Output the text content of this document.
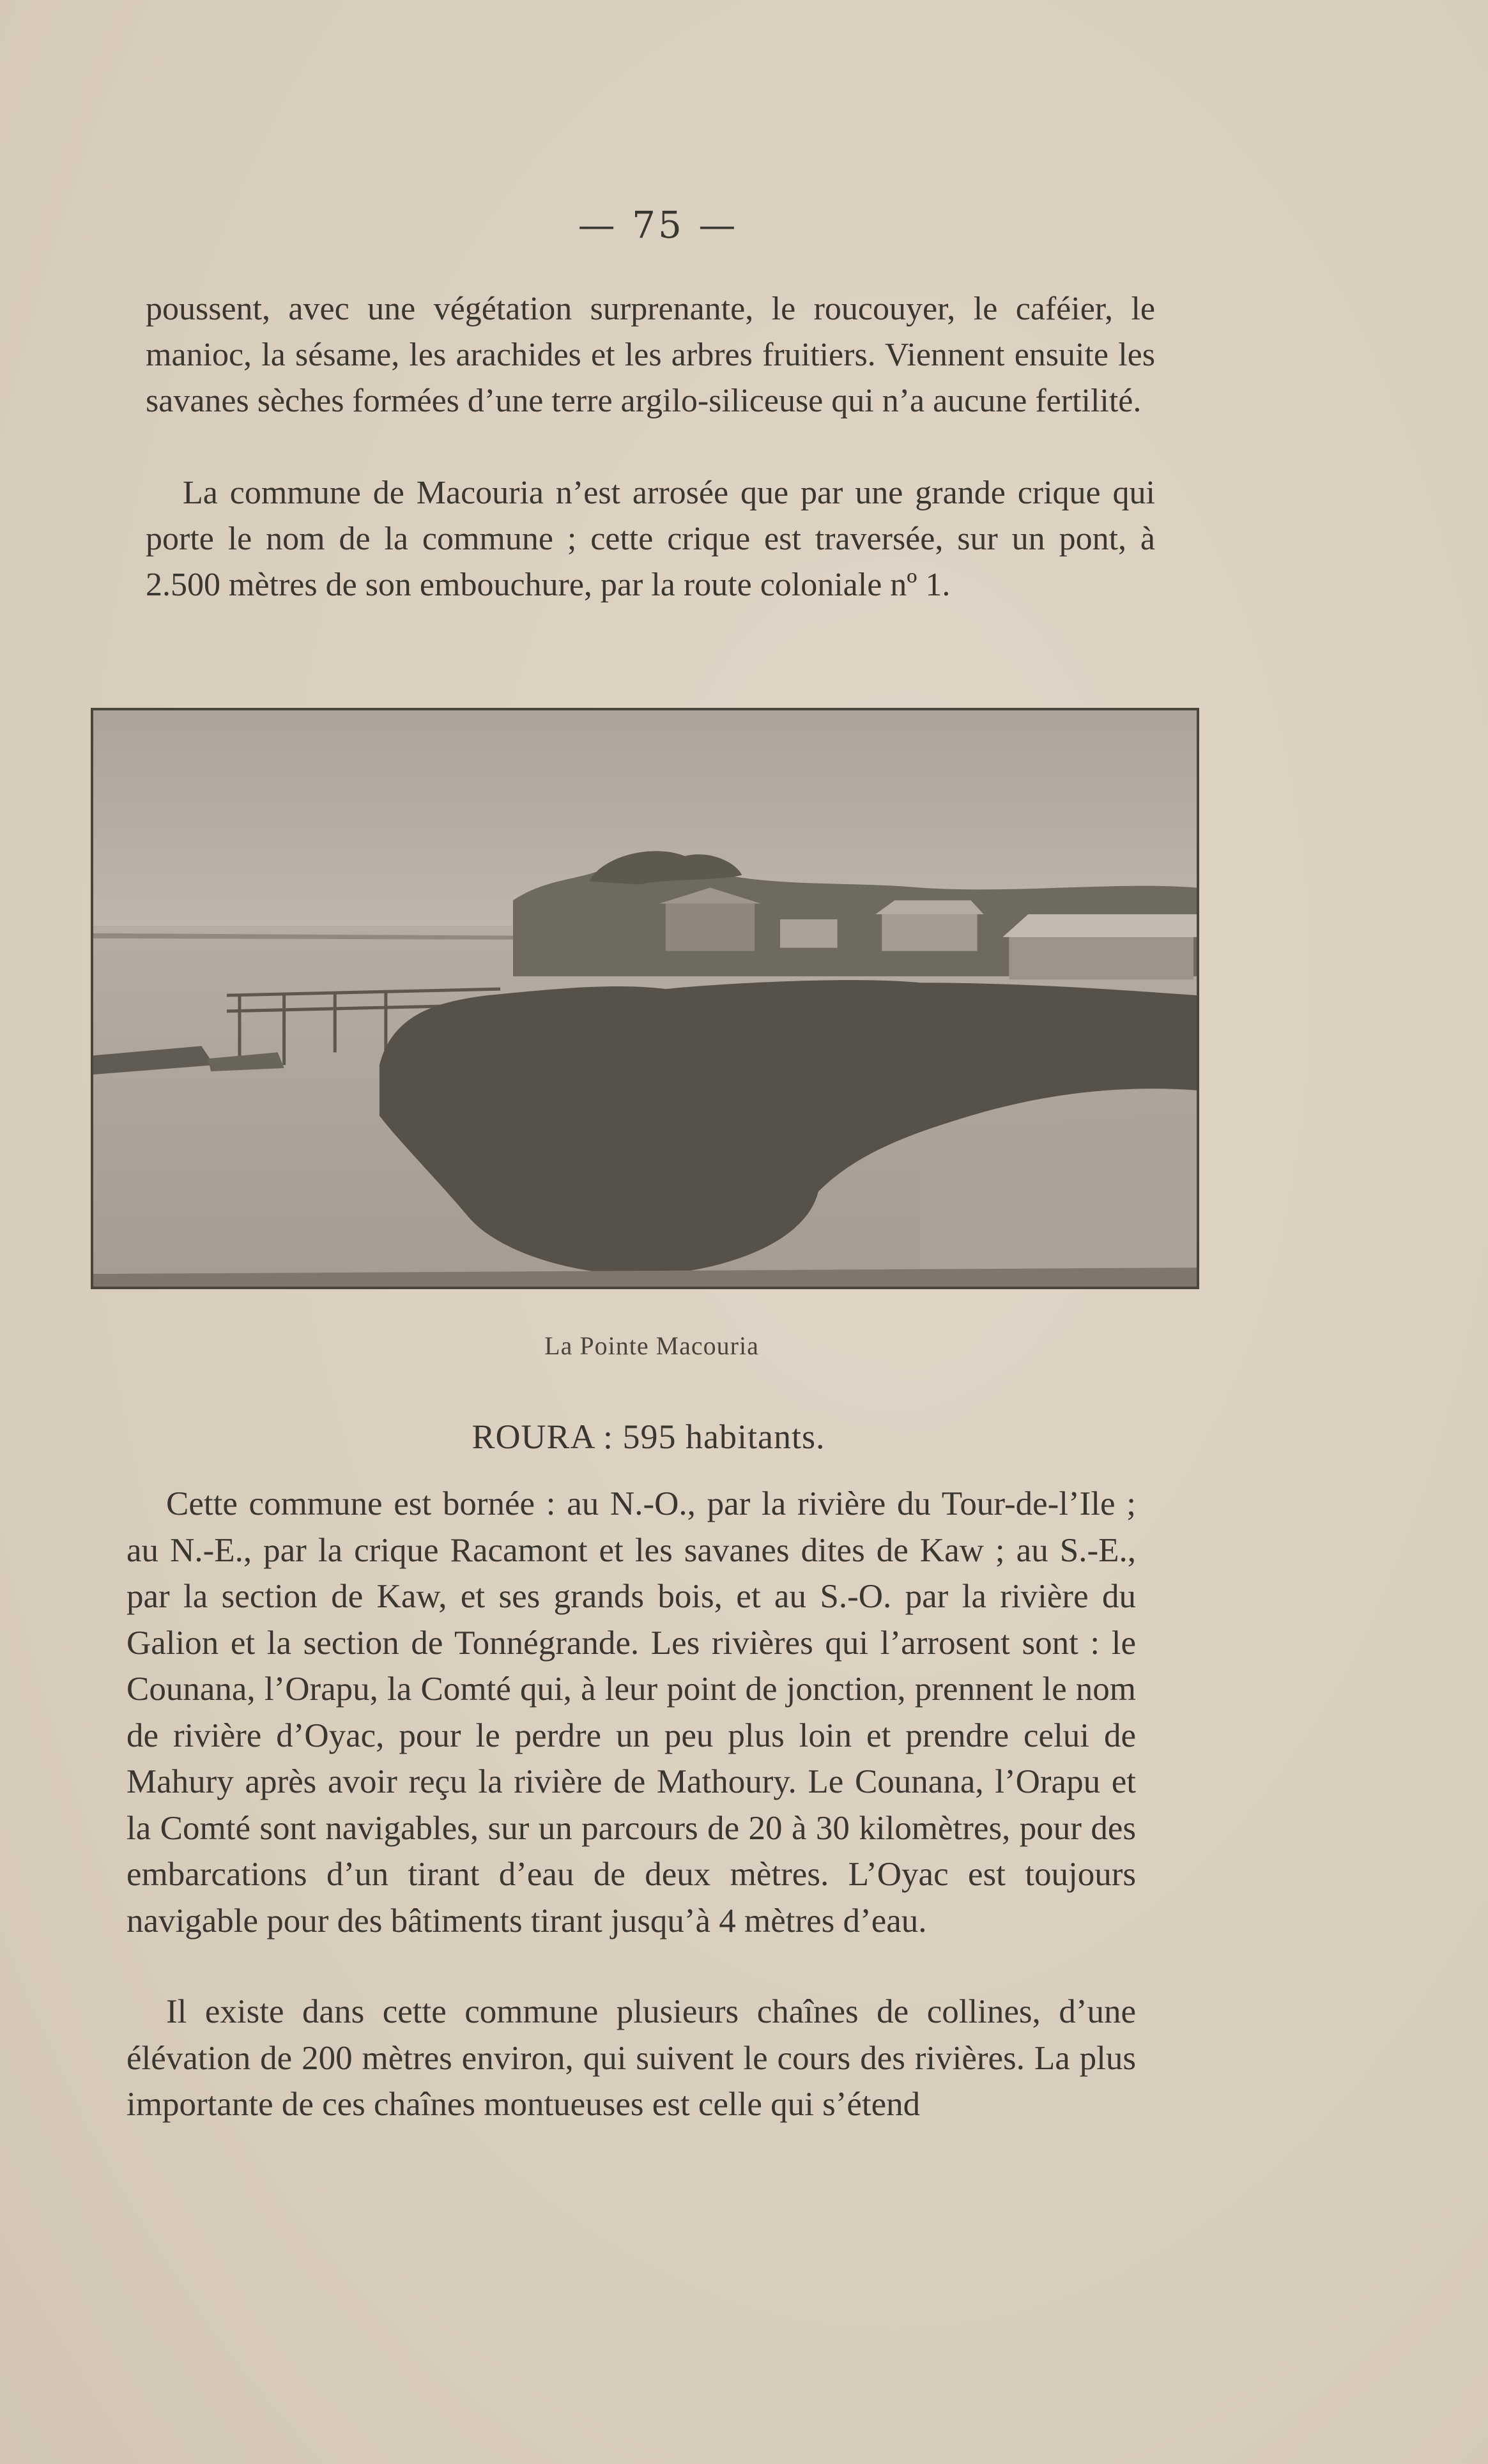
— 75 —

poussent, avec une végétation surprenante, le roucouyer, le caféier, le manioc, la sésame, les arachides et les arbres fruitiers. Viennent ensuite les savanes sèches formées d’une terre argilo-siliceuse qui n’a aucune fertilité.

La commune de Macouria n’est arrosée que par une grande crique qui porte le nom de la commune ; cette crique est traversée, sur un pont, à 2.500 mètres de son embouchure, par la route coloniale nº 1.

La Pointe Macouria
ROURA : 595 habitants.

Cette commune est bornée : au N.-O., par la rivière du Tour-de-l’Ile ; au N.-E., par la crique Racamont et les savanes dites de Kaw ; au S.-E., par la section de Kaw, et ses grands bois, et au S.-O. par la rivière du Galion et la section de Tonnégrande. Les rivières qui l’arrosent sont : le Counana, l’Orapu, la Comté qui, à leur point de jonction, prennent le nom de rivière d’Oyac, pour le perdre un peu plus loin et prendre celui de Mahury après avoir reçu la rivière de Mathoury. Le Counana, l’Orapu et la Comté sont navigables, sur un parcours de 20 à 30 kilomètres, pour des embarcations d’un tirant d’eau de deux mètres. L’Oyac est toujours navigable pour des bâtiments tirant jusqu’à 4 mètres d’eau.

Il existe dans cette commune plusieurs chaînes de collines, d’une élévation de 200 mètres environ, qui suivent le cours des rivières. La plus importante de ces chaînes montueuses est celle qui s’étend
